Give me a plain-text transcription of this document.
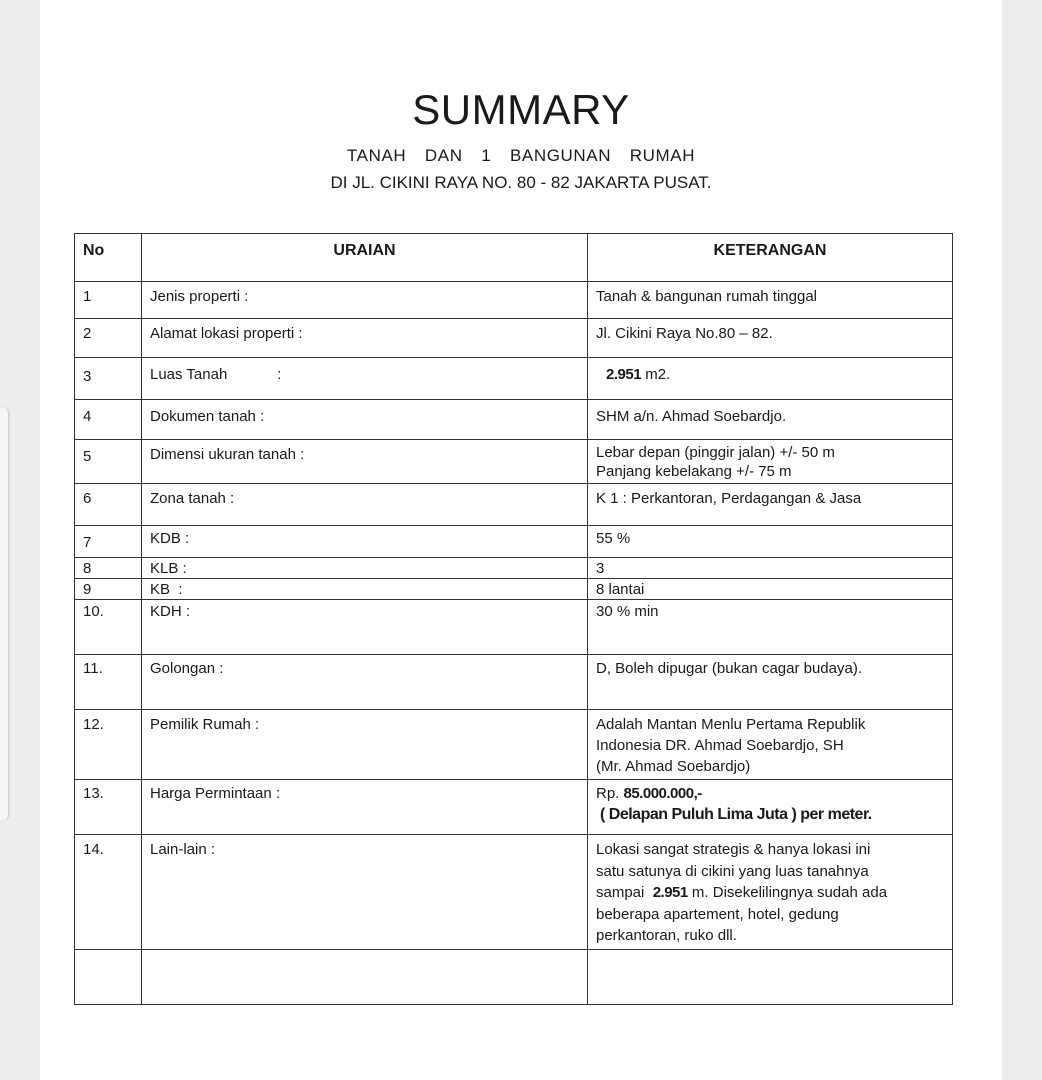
SUMMARY
TANAH  DAN  1  BANGUNAN  RUMAH
DI JL. CIKINI RAYA NO. 80 - 82 JAKARTA PUSAT.
No	URAIAN	KETERANGAN
1	Jenis properti :	Tanah & bangunan rumah tinggal

2	Alamat lokasi properti :	Jl. Cikini Raya No.80 – 82.

3	Luas Tanah            :	2.951 m2.
4	Dokumen tanah :	SHM a/n. Ahmad Soebardjo.

5	Dimensi ukuran tanah :	Lebar depan (pinggir jalan) +/- 50 m
Panjang kebelakang +/- 75 m

6	Zona tanah :	K 1 : Perkantoran, Perdagangan & Jasa

7	KDB :	55 %

8	KLB :	3

9	KB  :	8 lantai

10.	KDH :	30 % min

11.	Golongan :	D, Boleh dipugar (bukan cagar budaya).

12.	Pemilik Rumah :	Adalah Mantan Menlu Pertama Republik
Indonesia DR. Ahmad Soebardjo, SH
(Mr. Ahmad Soebardjo)

13.	Harga Permintaan :	Rp. 85.000.000,-
( Delapan Puluh Lima Juta ) per meter.

14.	Lain-lain :	Lokasi sangat strategis & hanya lokasi ini
satu satunya di cikini yang luas tanahnya
sampai 2.951 m. Disekelilingnya sudah ada
beberapa apartement, hotel, gedung
perkantoran, ruko dll.
